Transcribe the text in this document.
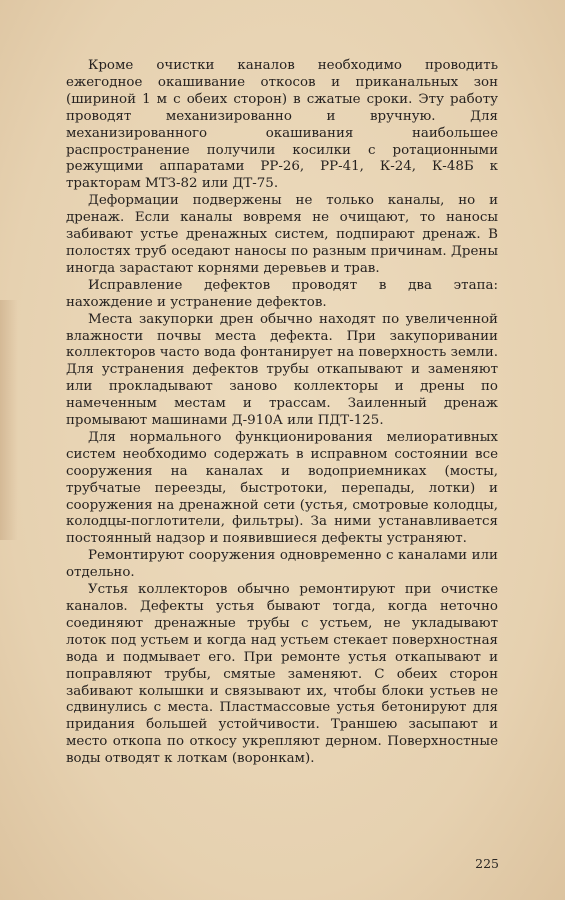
Кроме очистки каналов необходимо проводить ежегодное окашивание откосов и приканальных зон (шириной 1 м с обеих сторон) в сжатые сроки. Эту работу проводят механизированно и вручную. Для механизированного окашивания наибольшее распространение получили косилки с ротационными режущими аппаратами РР-26, РР-41, К-24, К-48Б к тракторам МТЗ-82 или ДТ-75.

Деформации подвержены не только каналы, но и дренаж. Если каналы вовремя не очищают, то наносы забивают устье дренажных систем, подпирают дренаж. В полостях труб оседают наносы по разным причинам. Дрены иногда зарастают корнями деревьев и трав.

Исправление дефектов проводят в два этапа: нахождение и устранение дефектов.

Места закупорки дрен обычно находят по увеличенной влажности почвы места дефекта. При закупоривании коллекторов часто вода фонтанирует на поверхность земли. Для устранения дефектов трубы откапывают и заменяют или прокладывают заново коллекторы и дрены по намеченным местам и трассам. Заиленный дренаж промывают машинами Д-910А или ПДТ-125.

Для нормального функционирования мелиоративных систем необходимо содержать в исправном состоянии все сооружения на каналах и водоприемниках (мосты, трубчатые переезды, быстротоки, перепады, лотки) и сооружения на дренажной сети (устья, смотровые колодцы, колодцы-поглотители, фильтры). За ними устанавливается постоянный надзор и появившиеся дефекты устраняют.

Ремонтируют сооружения одновременно с каналами или отдельно.

Устья коллекторов обычно ремонтируют при очистке каналов. Дефекты устья бывают тогда, когда неточно соединяют дренажные трубы с устьем, не укладывают лоток под устьем и когда над устьем стекает поверхностная вода и подмывает его. При ремонте устья откапывают и поправляют трубы, смятые заменяют. С обеих сторон забивают колышки и связывают их, чтобы блоки устьев не сдвинулись с места. Пластмассовые устья бетонируют для придания большей устойчивости. Траншею засыпают и место откопа по откосу укрепляют дерном. Поверхностные воды отводят к лоткам (воронкам).

225
